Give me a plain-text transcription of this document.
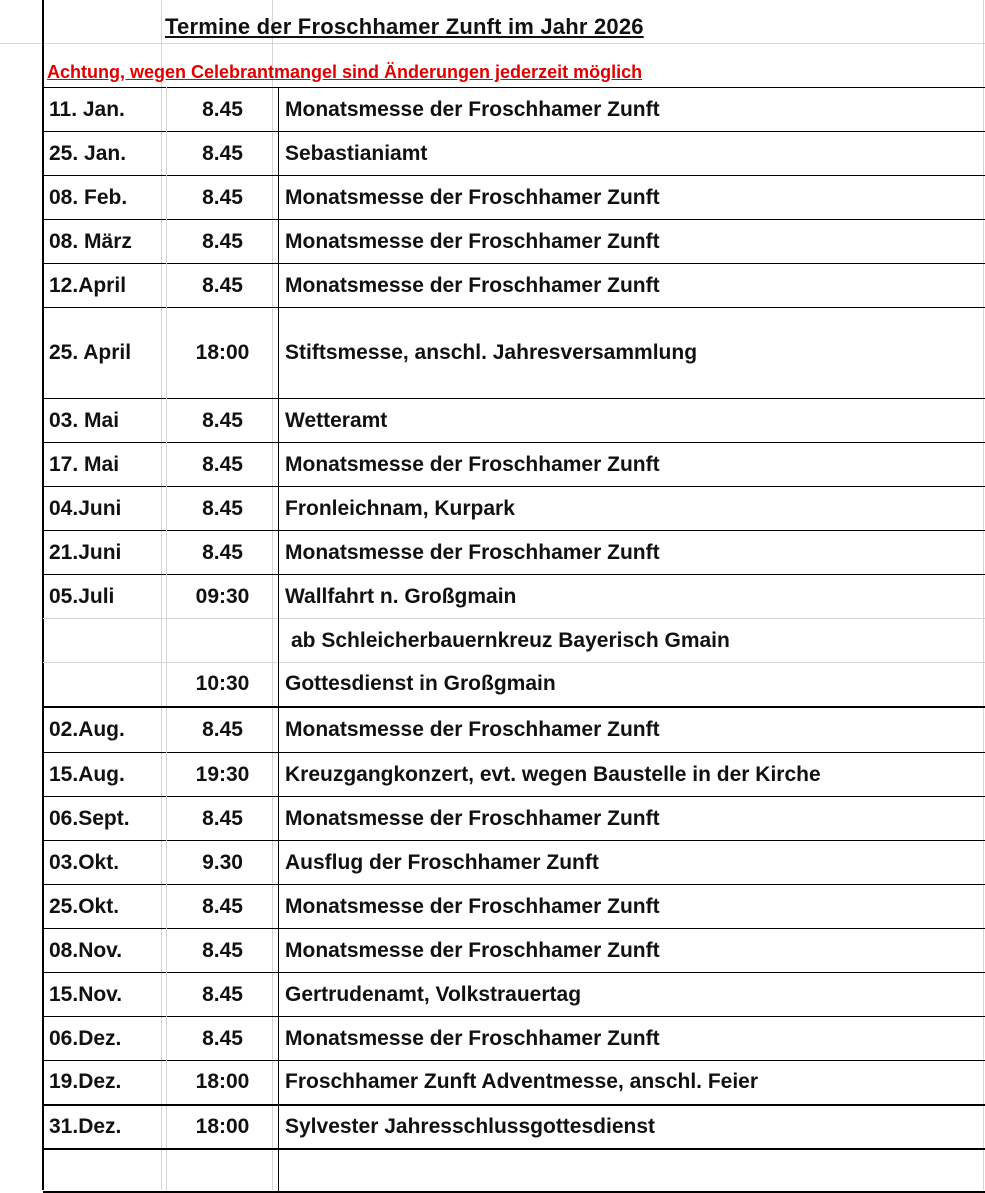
Termine der Froschhamer Zunft im Jahr 2026
Achtung, wegen Celebrantmangel sind Änderungen jederzeit möglich
11. Jan.	8.45	Monatsmesse der Froschhamer Zunft
25. Jan.	8.45	Sebastianiamt
08. Feb.	8.45	Monatsmesse der Froschhamer Zunft
08. März	8.45	Monatsmesse der Froschhamer Zunft
12.April	8.45	Monatsmesse der Froschhamer Zunft
25. April	18:00	Stiftsmesse, anschl. Jahresversammlung
03. Mai	8.45	Wetteramt
17. Mai	8.45	Monatsmesse der Froschhamer Zunft
04.Juni	8.45	Fronleichnam, Kurpark
21.Juni	8.45	Monatsmesse der Froschhamer Zunft
05.Juli	09:30	Wallfahrt n. Großgmain
		ab Schleicherbauernkreuz Bayerisch Gmain
	10:30	Gottesdienst in Großgmain
02.Aug.	8.45	Monatsmesse der Froschhamer Zunft
15.Aug.	19:30	Kreuzgangkonzert, evt. wegen Baustelle in der Kirche
06.Sept.	8.45	Monatsmesse der Froschhamer Zunft
03.Okt.	9.30	Ausflug der Froschhamer Zunft
25.Okt.	8.45	Monatsmesse der Froschhamer Zunft
08.Nov.	8.45	Monatsmesse der Froschhamer Zunft
15.Nov.	8.45	Gertrudenamt, Volkstrauertag
06.Dez.	8.45	Monatsmesse der Froschhamer Zunft
19.Dez.	18:00	Froschhamer Zunft Adventmesse, anschl. Feier
31.Dez.	18:00	Sylvester Jahresschlussgottesdienst
